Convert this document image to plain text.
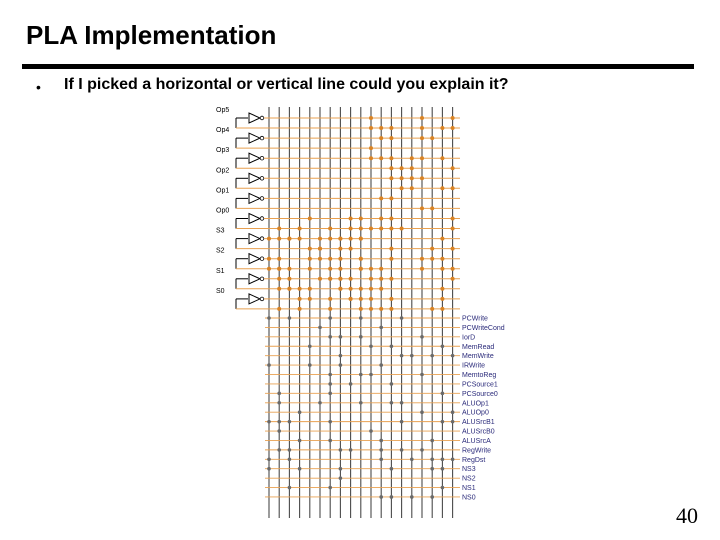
PLA Implementation
• If I picked a horizontal or vertical line could you explain it?
Op5
Op4
Op3
Op2
Op1
Op0
S3
S2
S1
S0
PCWrite
PCWriteCond
IorD
MemRead
MemWrite
IRWrite
MemtoReg
PCSource1
PCSource0
ALUOp1
ALUOp0
ALUSrcB1
ALUSrcB0
ALUSrcA
RegWrite
RegDst
NS3
NS2
NS1
NS0
40
